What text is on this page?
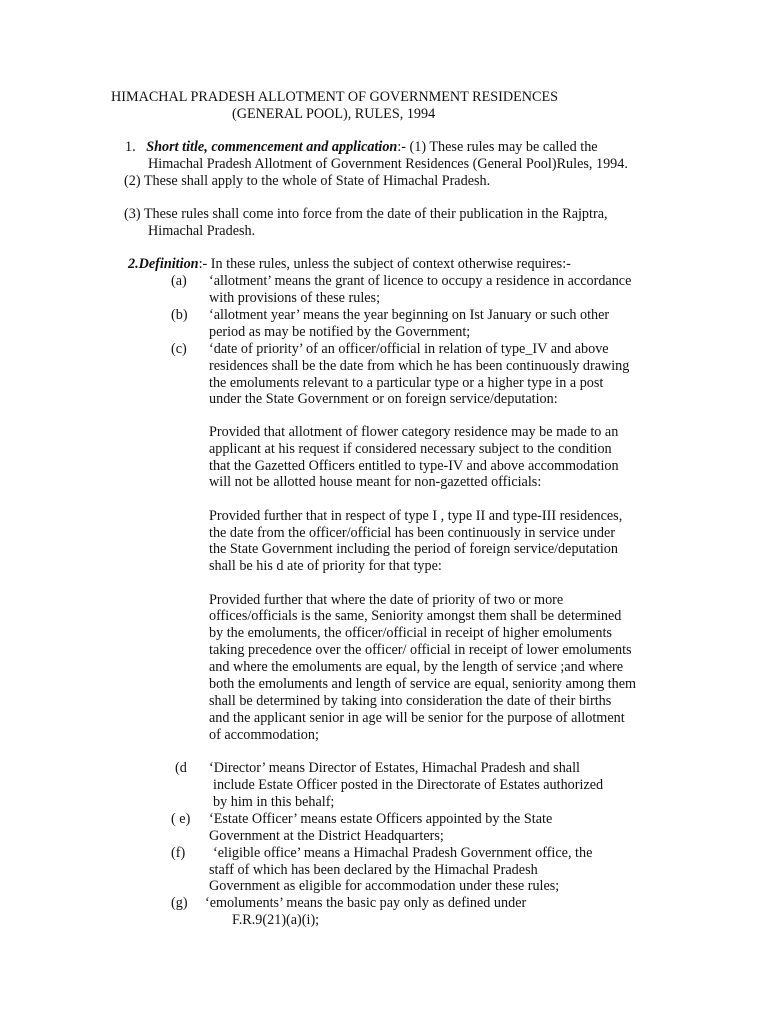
HIMACHAL PRADESH ALLOTMENT OF GOVERNMENT RESIDENCES
(GENERAL POOL), RULES, 1994
1. Short title, commencement and application:- (1) These rules may be called the
Himachal Pradesh Allotment of Government Residences (General Pool)Rules, 1994.
(2) These shall apply to the whole of State of Himachal Pradesh.
(3) These rules shall come into force from the date of their publication in the Rajptra,
Himachal Pradesh.
2.Definition:- In these rules, unless the subject of context otherwise requires:-
(a) ‘allotment’ means the grant of licence to occupy a residence in accordance
with provisions of these rules;
(b) ‘allotment year’ means the year beginning on Ist January or such other
period as may be notified by the Government;
(c) ‘date of priority’ of an officer/official in relation of type_IV and above
residences shall be the date from which he has been continuously drawing
the emoluments relevant to a particular type or a higher type in a post
under the State Government or on foreign service/deputation:
Provided that allotment of flower category residence may be made to an
applicant at his request if considered necessary subject to the condition
that the Gazetted Officers entitled to type-IV and above accommodation
will not be allotted house meant for non-gazetted officials:
Provided further that in respect of type I , type II and type-III residences,
the date from the officer/official has been continuously in service under
the State Government including the period of foreign service/deputation
shall be his d ate of priority for that type:
Provided further that where the date of priority of two or more
offices/officials is the same, Seniority amongst them shall be determined
by the emoluments, the officer/official in receipt of higher emoluments
taking precedence over the officer/ official in receipt of lower emoluments
and where the emoluments are equal, by the length of service ;and where
both the emoluments and length of service are equal, seniority among them
shall be determined by taking into consideration the date of their births
and the applicant senior in age will be senior for the purpose of allotment
of accommodation;
(d ‘Director’ means Director of Estates, Himachal Pradesh and shall
include Estate Officer posted in the Directorate of Estates authorized
by him in this behalf;
( e) ‘Estate Officer’ means estate Officers appointed by the State
Government at the District Headquarters;
(f) ‘eligible office’ means a Himachal Pradesh Government office, the
staff of which has been declared by the Himachal Pradesh
Government as eligible for accommodation under these rules;
(g) ‘emoluments’ means the basic pay only as defined under
F.R.9(21)(a)(i);
